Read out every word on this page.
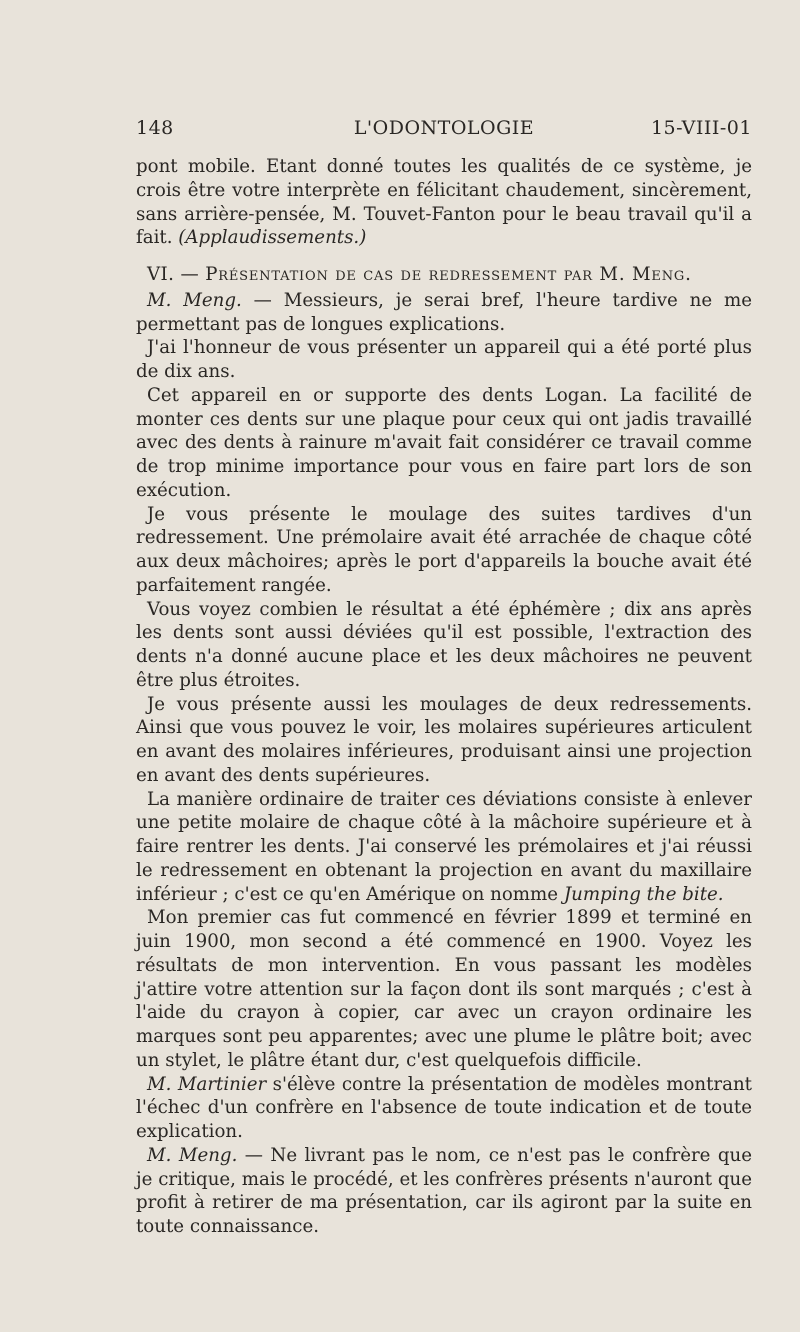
148	L'ODONTOLOGIE	15-VIII-01

pont mobile. Etant donné toutes les qualités de ce système, je crois être votre interprète en félicitant chaudement, sincèrement, sans arrière-pensée, M. Touvet-Fanton pour le beau travail qu'il a fait. (Applaudissements.)

VI. — Présentation de cas de redressement par M. Meng.

M. Meng. — Messieurs, je serai bref, l'heure tardive ne me permettant pas de longues explications.

J'ai l'honneur de vous présenter un appareil qui a été porté plus de dix ans.

Cet appareil en or supporte des dents Logan. La facilité de monter ces dents sur une plaque pour ceux qui ont jadis travaillé avec des dents à rainure m'avait fait considérer ce travail comme de trop minime importance pour vous en faire part lors de son exécution.

Je vous présente le moulage des suites tardives d'un redressement. Une prémolaire avait été arrachée de chaque côté aux deux mâchoires; après le port d'appareils la bouche avait été parfaitement rangée.

Vous voyez combien le résultat a été éphémère ; dix ans après les dents sont aussi déviées qu'il est possible, l'extraction des dents n'a donné aucune place et les deux mâchoires ne peuvent être plus étroites.

Je vous présente aussi les moulages de deux redressements. Ainsi que vous pouvez le voir, les molaires supérieures articulent en avant des molaires inférieures, produisant ainsi une projection en avant des dents supérieures.

La manière ordinaire de traiter ces déviations consiste à enlever une petite molaire de chaque côté à la mâchoire supérieure et à faire rentrer les dents. J'ai conservé les prémolaires et j'ai réussi le redressement en obtenant la projection en avant du maxillaire inférieur ; c'est ce qu'en Amérique on nomme Jumping the bite.

Mon premier cas fut commencé en février 1899 et terminé en juin 1900, mon second a été commencé en 1900. Voyez les résultats de mon intervention. En vous passant les modèles j'attire votre attention sur la façon dont ils sont marqués ; c'est à l'aide du crayon à copier, car avec un crayon ordinaire les marques sont peu apparentes; avec une plume le plâtre boit; avec un stylet, le plâtre étant dur, c'est quelquefois difficile.

M. Martinier s'élève contre la présentation de modèles montrant l'échec d'un confrère en l'absence de toute indication et de toute explication.

M. Meng. — Ne livrant pas le nom, ce n'est pas le confrère que je critique, mais le procédé, et les confrères présents n'auront que profit à retirer de ma présentation, car ils agiront par la suite en toute connaissance.
